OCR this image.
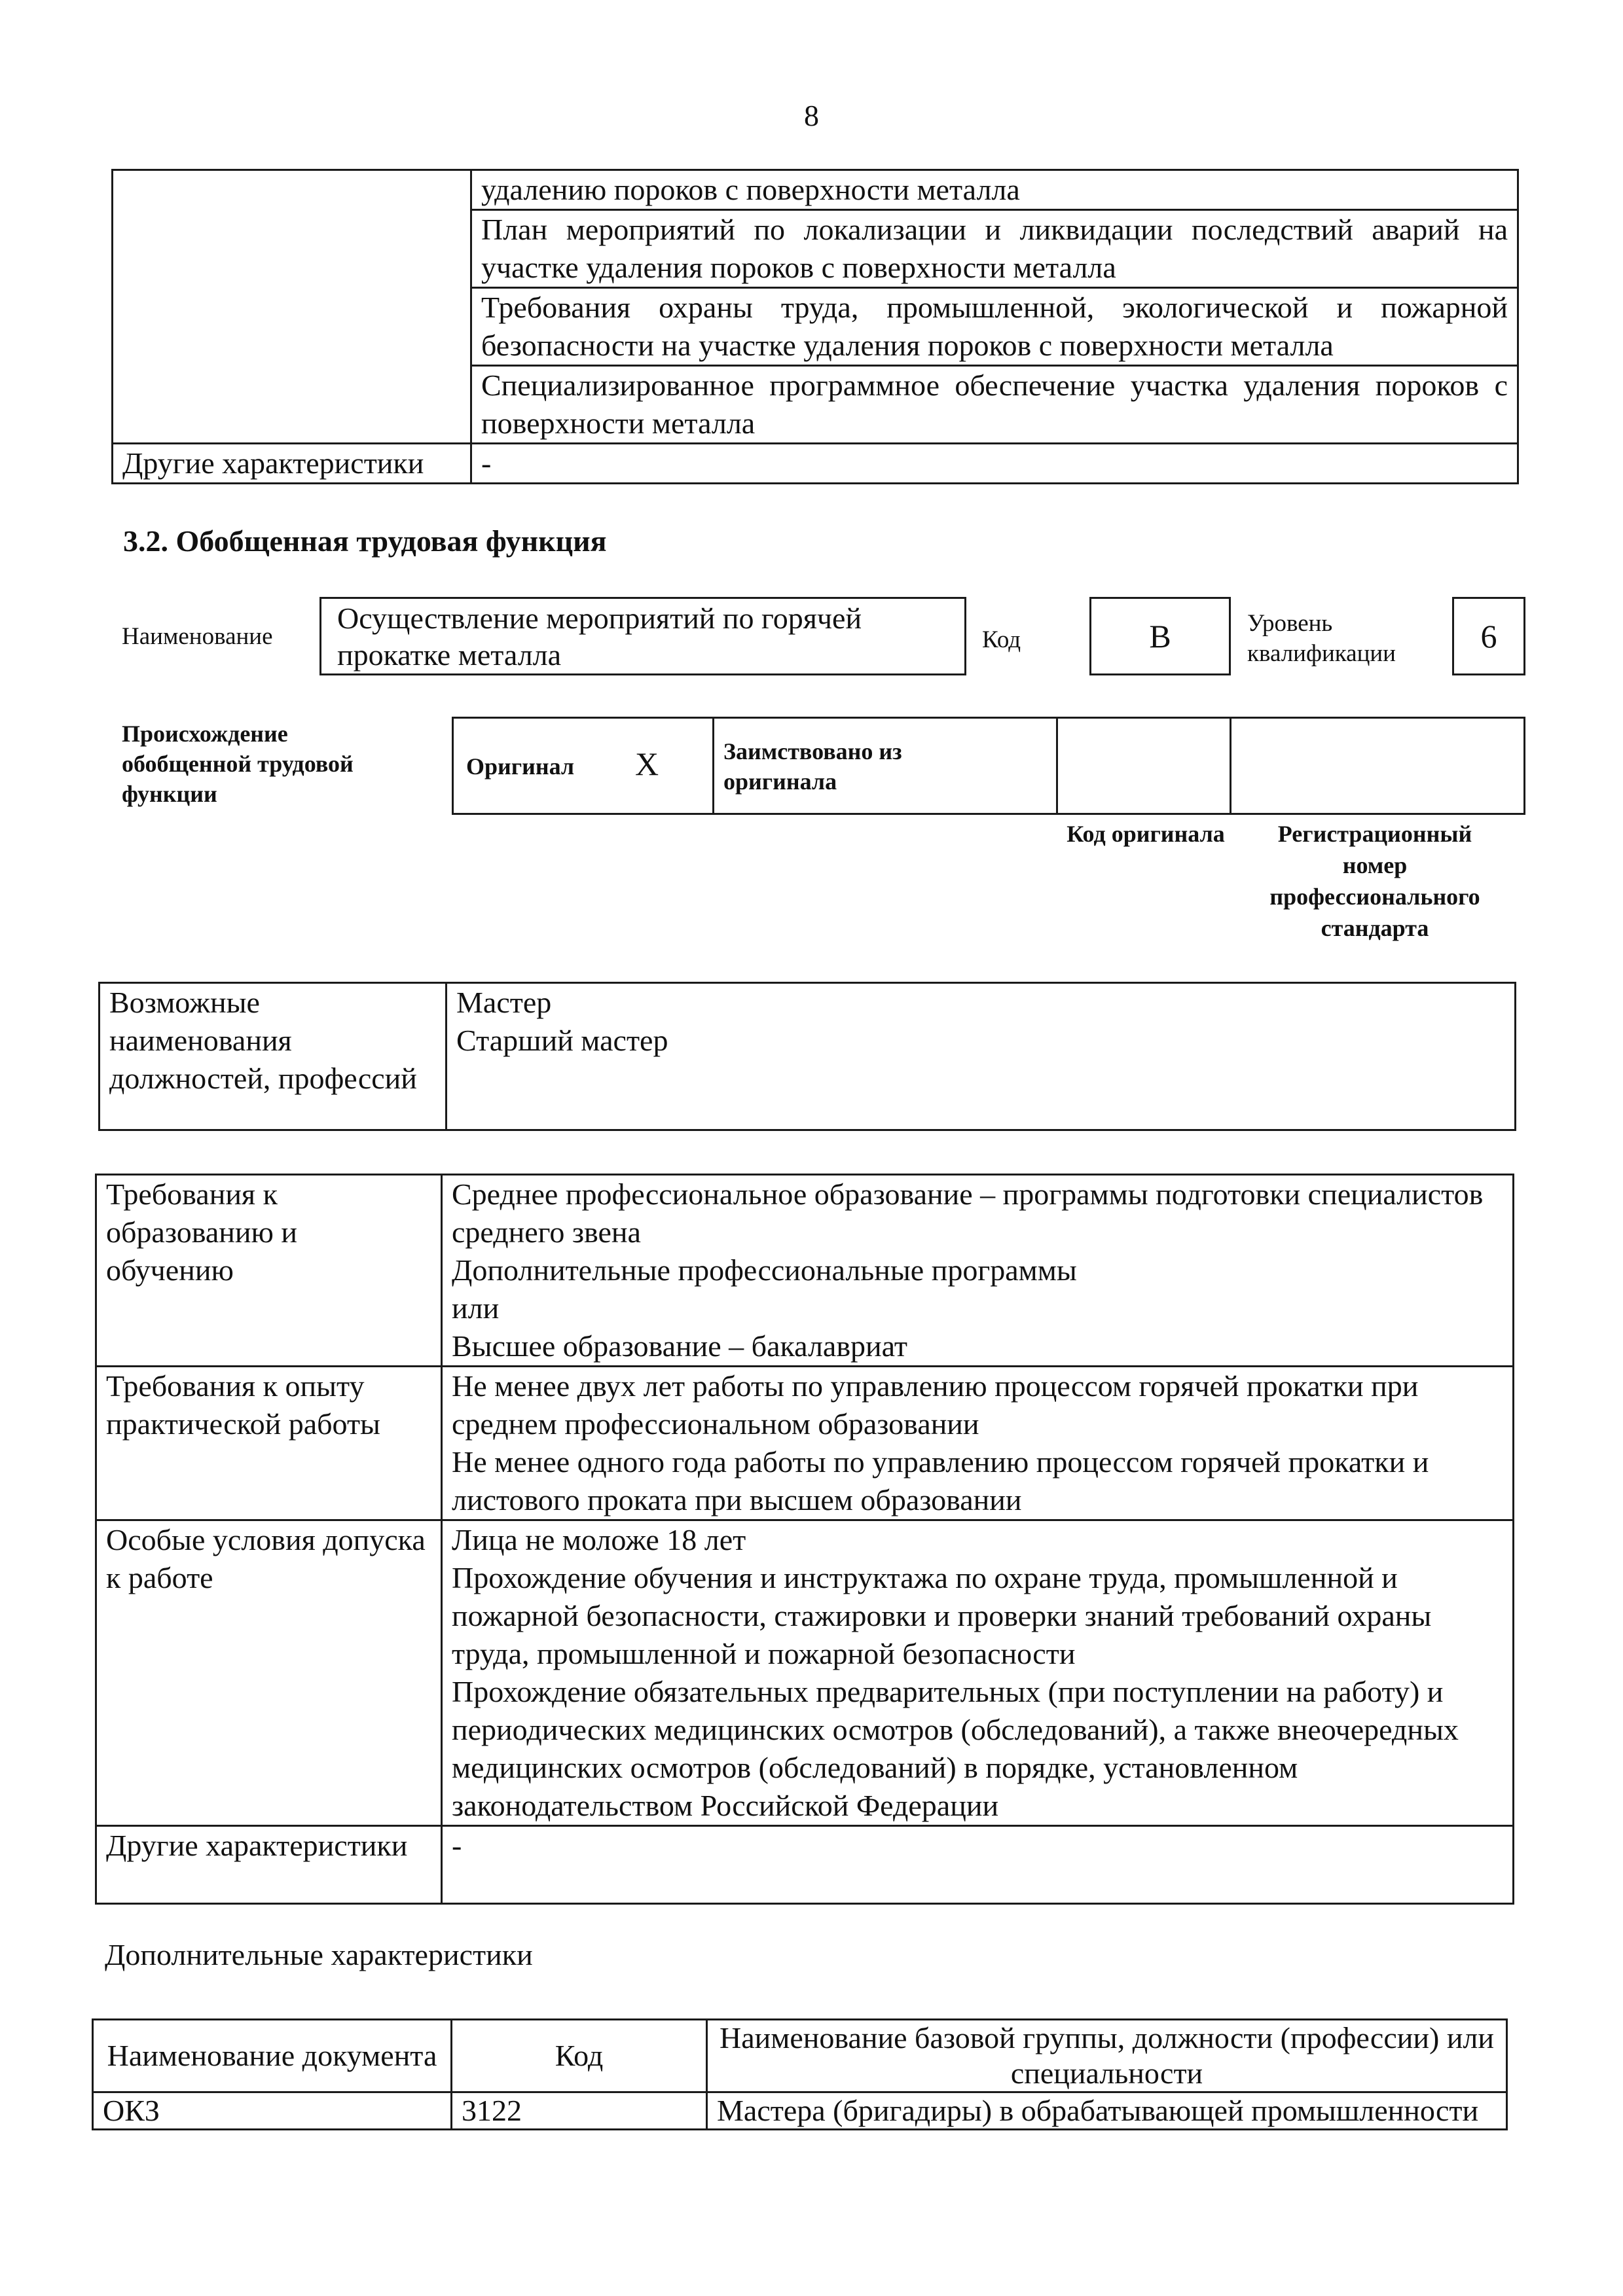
8
	удалению пороков с поверхности металла
	План мероприятий по локализации и ликвидации последствий аварий на участке удаления пороков с поверхности металла
	Требования охраны труда, промышленной, экологической и пожарной безопасности на участке удаления пороков с поверхности металла
	Специализированное программное обеспечение участка удаления пороков с поверхности металла
Другие характеристики	-
3.2. Обобщенная трудовая функция
Наименование
Осуществление мероприятий по горячей прокатке металла	Код	B	Уровень квалификации	6
Происхождение обобщенной трудовой функции
Оригинал X	Заимствовано из оригинала
Код оригинала	Регистрационный номер профессионального стандарта
Возможные наименования должностей, профессий	
Мастер
Старший мастер
Требования к образованию и обучению	Среднее профессиональное образование – программы подготовки специалистов среднего звена
Дополнительные профессиональные программы
или
Высшее образование – бакалавриат

Требования к опыту практической работы	Не менее двух лет работы по управлению процессом горячей прокатки при среднем профессиональном образовании
Не менее одного года работы по управлению процессом горячей прокатки и листового проката при высшем образовании

Особые условия допуска к работе	Лица не моложе 18 лет
Прохождение обучения и инструктажа по охране труда, промышленной и пожарной безопасности, стажировки и проверки знаний требований охраны труда, промышленной и пожарной безопасности
Прохождение обязательных предварительных (при поступлении на работу) и периодических медицинских осмотров (обследований), а также внеочередных медицинских осмотров (обследований) в порядке, установленном законодательством Российской Федерации

Другие характеристики	-
Дополнительные характеристики
Наименование документа	Код	Наименование базовой группы, должности (профессии) или специальности
ОКЗ	3122	Мастера (бригадиры) в обрабатывающей промышленности
